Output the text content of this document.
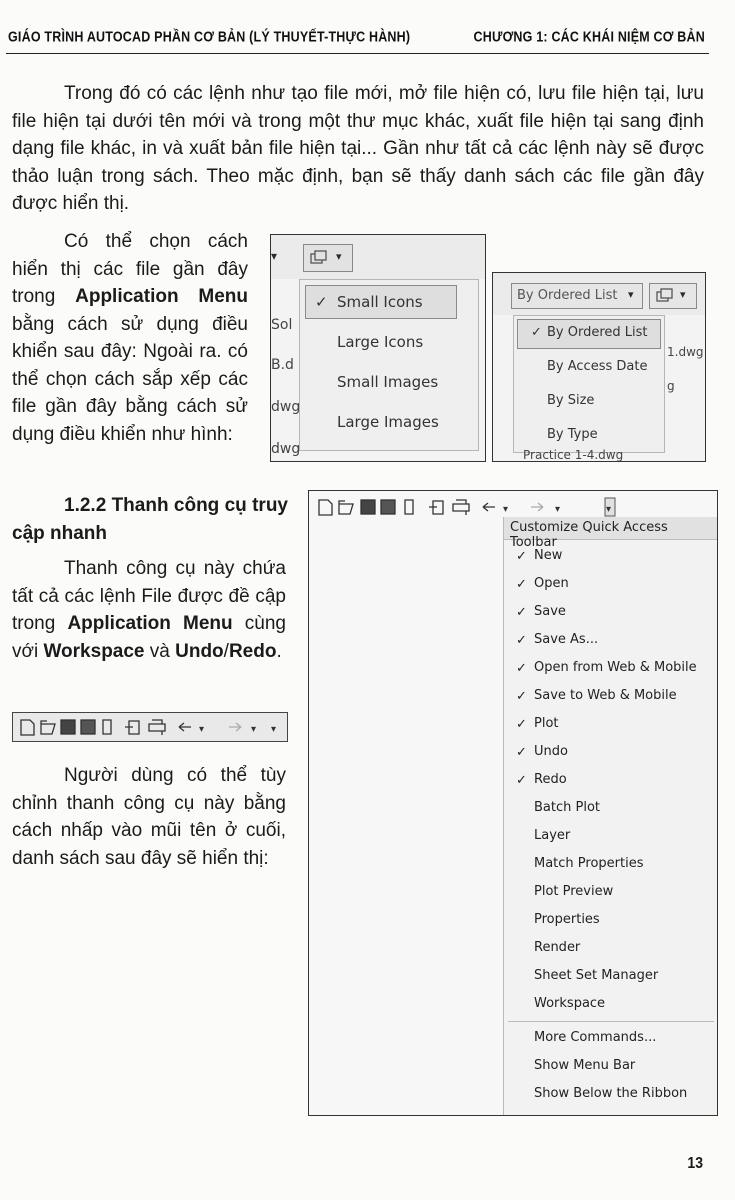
GIÁO TRÌNH AUTOCAD PHẦN CƠ BẢN (LÝ THUYẾT-THỰC HÀNH)	CHƯƠNG 1: CÁC KHÁI NIỆM CƠ BẢN
Trong đó có các lệnh như tạo file mới, mở file hiện có, lưu file hiện tại, lưu file hiện tại dưới tên mới và trong một thư mục khác, xuất file hiện tại sang định dạng file khác, in và xuất bản file hiện tại... Gần như tất cả các lệnh này sẽ được thảo luận trong sách. Theo mặc định, bạn sẽ thấy danh sách các file gần đây được hiển thị.
Có thể chọn cách hiển thị các file gần đây trong Application Menu bằng cách sử dụng điều khiển sau đây: Ngoài ra. có thể chọn cách sắp xếp các file gần đây bằng cách sử dụng điều khiển như hình:
▾	▾
✓ Small Icons
Large Icons
Small Images
Large Images
Sol
B.d
dwg
dwg
By Ordered List ▾	▾
✓ By Ordered List
By Access Date
By Size
By Type
1.dwg
g
Practice 1-4.dwg
1.2.2 Thanh công cụ truy cập nhanh
Thanh công cụ này chứa tất cả các lệnh File được đề cập trong Application Menu cùng với Workspace và Undo/Redo.
▾	▾ ▾
Người dùng có thể tùy chỉnh thanh công cụ này bằng cách nhấp vào mũi tên ở cuối, danh sách sau đây sẽ hiển thị:
▾	▾	▾
Customize Quick Access Toolbar
✓ New
✓ Open
✓ Save
✓ Save As...
✓ Open from Web & Mobile
✓ Save to Web & Mobile
✓ Plot
✓ Undo
✓ Redo
Batch Plot
Layer
Match Properties
Plot Preview
Properties
Render
Sheet Set Manager
Workspace
More Commands...
Show Menu Bar
Show Below the Ribbon
13
